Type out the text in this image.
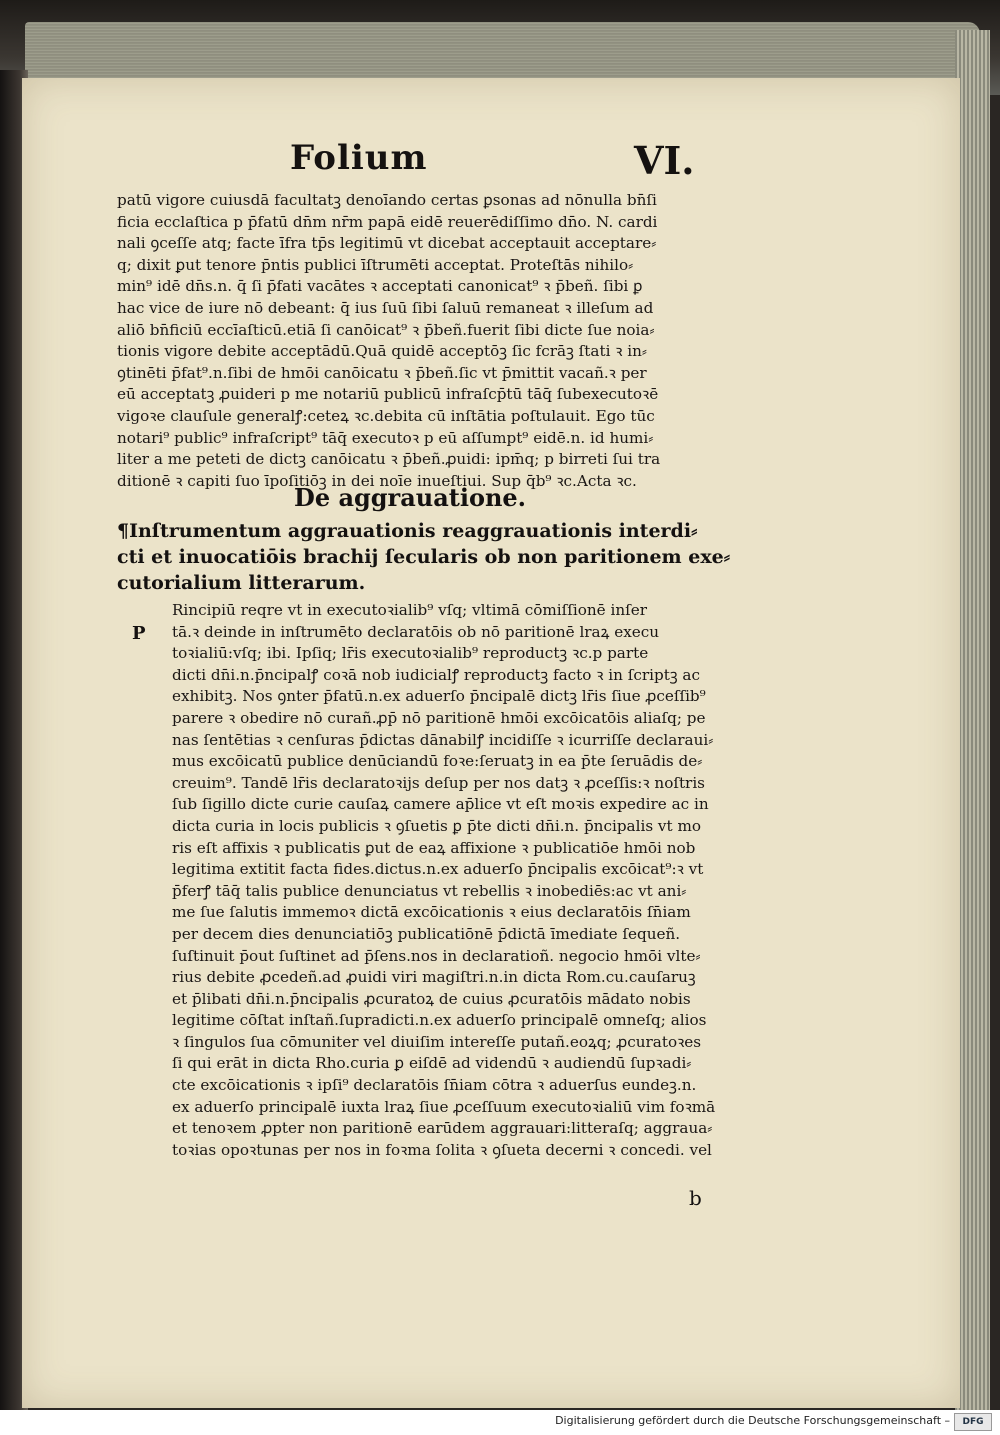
Folium	VI.
patū vigore cuiusdā facultatꝫ denoīando certas ꝑsonas ad nōnulla bn̄ſi
ficia ecclaſtica p p̄fatū dn̄m nr̄m papā eidē reuerēdiſſimo dn̄o. N. cardi
nali ꝯceſſe atq; facte īfra tp̄s legitimū vt dicebat acceptauit acceptare⸗
q; dixit ꝑut tenore p̄ntis publici īſtrumēti acceptat. Proteſtās nihilo⸗
min⁹ idē dn̄s.n. q̄ ſi p̄fati vacātes ꝛ acceptati canonicat⁹ ꝛ p̄beñ. ſibi ꝑ
hac vice de iure nō debeant: q̄ ius ſuū ſibi ſaluū remaneat ꝛ illeſum ad
aliō bn̄ficiū eccīaſticū.etiā ſi canōicat⁹ ꝛ p̄beñ.fuerit ſibi dicte ſue noia⸗
tionis vigore debite acceptādū.Quā quidē acceptōꝫ ſic fcrāꝫ ſtati ꝛ in⸗
ꝯtinēti p̄fat⁹.n.ſibi de hmōi canōicatu ꝛ p̄beñ.ſic vt p̄mittit vacañ.ꝛ per
eū acceptatꝫ ꝓuideri p me notariū publicū infraſcp̄tū tāq̄ ſubexecutoꝛē
vigoꝛe clauſule generalꝭ:ceteꝝ ꝛc.debita cū inſtātia poſtulauit. Ego tūc
notari⁹ public⁹ infraſcript⁹ tāq̄ executoꝛ p eū aſſumpt⁹ eidē.n. id humi⸗
liter a me peteti de dictꝫ canōicatu ꝛ p̄beñ.ꝓuidi: ipm̄q; p birreti ſui tra
ditionē ꝛ capiti ſuo īpoſitiōꝫ in dei noīe inueſtiui. Sup q̄b⁹ ꝛc.Acta ꝛc.
De aggrauatione.
¶Inſtrumentum aggrauationis reaggrauationis interdi⸗
cti et inuocatiōis brachij ſecularis ob non paritionem exe⸗
cutorialium litterarum.
P
Rincipiū reqre vt in executoꝛialib⁹ vſq; vltimā cōmiſſionē inſer
tā.ꝛ deinde in inſtrumēto declaratōis ob nō paritionē lraꝝ execu
toꝛialiū:vſq; ibi. Ipſiq; lr̄is executoꝛialib⁹ reproductꝫ ꝛc.p parte
dicti dn̄i.n.p̄ncipalꝭ coꝛā nob iudicialꝭ reproductꝫ facto ꝛ in ſcriptꝫ ac
exhibitꝫ. Nos ꝯnter p̄fatū.n.ex aduerſo p̄ncipalē dictꝫ lr̄is ſiue ꝓceſſib⁹
parere ꝛ obedire nō curañ.ꝓp̄ nō paritionē hmōi excōicatōis aliaſq; pe
nas ſentētias ꝛ cenſuras p̄dictas dānabilꝭ incidiſſe ꝛ icurriſſe declaraui⸗
mus excōicatū publice denūciandū foꝛe:ſeruatꝫ in ea p̄te ſeruādis de⸗
creuim⁹. Tandē lr̄is declaratoꝛijs deſup per nos datꝫ ꝛ ꝓceſſis:ꝛ noſtris
ſub ſigillo dicte curie cauſaꝝ camere ap̄lice vt eſt moꝛis expedire ac in
dicta curia in locis publicis ꝛ ꝯſuetis ꝑ p̄te dicti dn̄i.n. p̄ncipalis vt mo
ris eſt affixis ꝛ publicatis ꝑut de eaꝝ affixione ꝛ publicatiōe hmōi nob
legitima extitit facta fides.dictus.n.ex aduerſo p̄ncipalis excōicat⁹:ꝛ vt
p̄ferꝭ tāq̄ talis publice denunciatus vt rebellis ꝛ inobediēs:ac vt ani⸗
me ſue ſalutis immemoꝛ dictā excōicationis ꝛ eius declaratōis ſn̄iam
per decem dies denunciatiōꝫ publicatiōnē p̄dictā īmediate ſequeñ.
ſuſtinuit p̄out ſuſtinet ad p̄ſens.nos in declaratioñ. negocio hmōi vlte⸗
rius debite ꝓcedeñ.ad ꝓuidi viri magiſtri.n.in dicta Rom.cu.cauſaruꝫ
et p̄libati dn̄i.n.p̄ncipalis ꝓcuratoꝝ de cuius ꝓcuratōis mādato nobis
legitime cōſtat inſtañ.ſupradicti.n.ex aduerſo principalē omneſq; alios
ꝛ ſingulos ſua cōmuniter vel diuiſim intereſſe putañ.eoꝝq; ꝓcuratoꝛes
ſi qui erāt in dicta Rho.curia ꝑ eiſdē ad videndū ꝛ audiendū ſupꝛadi⸗
cte excōicationis ꝛ ipſi⁹ declaratōis ſn̄iam cōtra ꝛ aduerſus eundeꝫ.n.
ex aduerſo principalē iuxta lraꝝ ſiue ꝓceſſuum executoꝛialiū vim foꝛmā
et tenoꝛem ꝓpter non paritionē earūdem aggrauari:litteraſq; aggraua⸗
toꝛias opoꝛtunas per nos in foꝛma ſolita ꝛ ꝯſueta decerni ꝛ concedi. vel
b
Digitalisierung gefördert durch die Deutsche Forschungsgemeinschaft –	DFG
